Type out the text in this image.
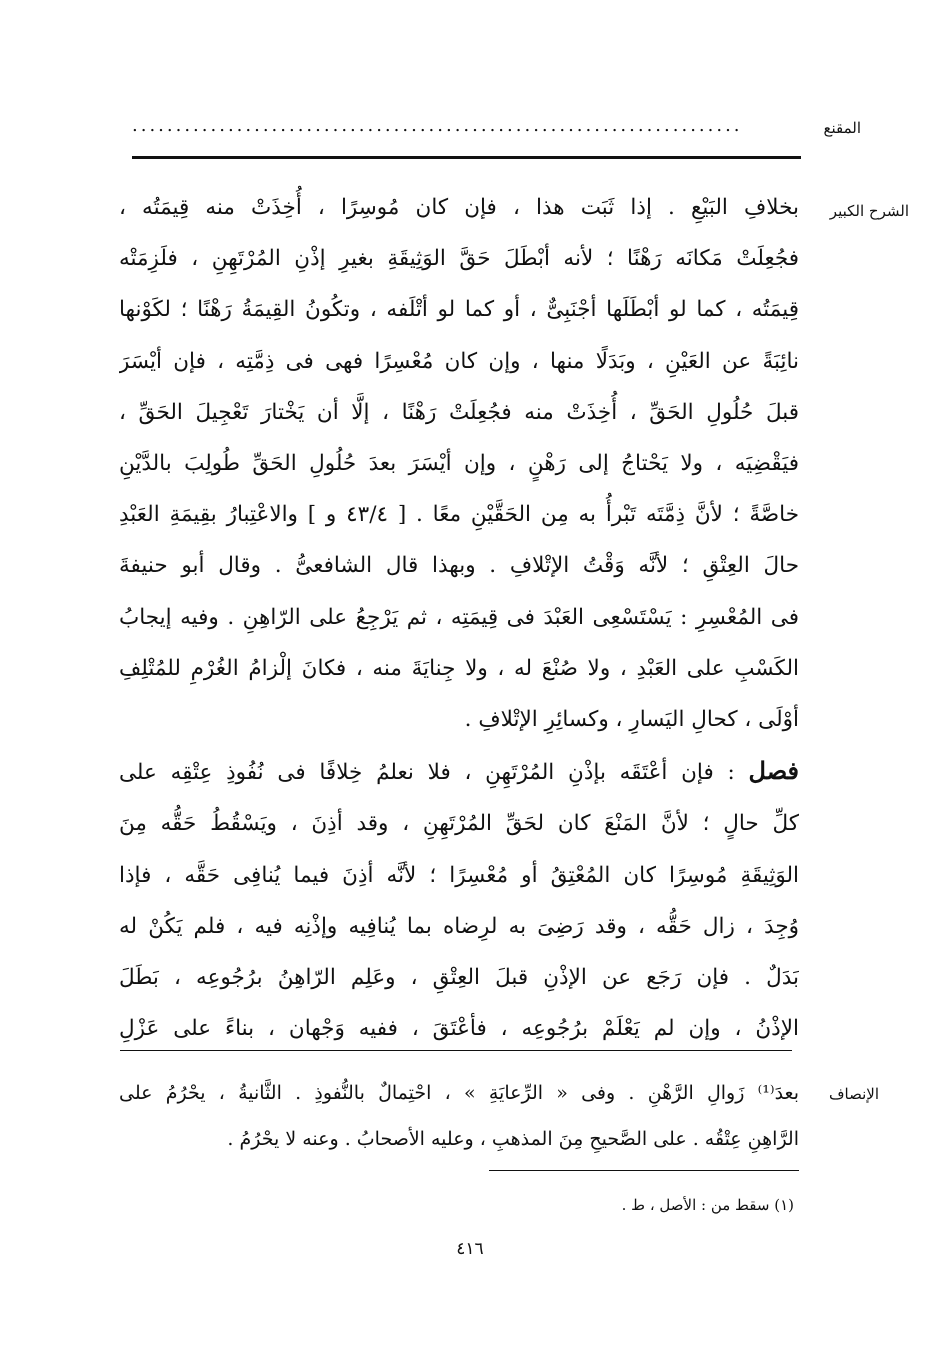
المقنع
......................................................................
الشرح الكبير
بخلافِ البَيْعِ . إذا ثَبَت هذا ، فإن كان مُوسِرًا ، أُخِذَتْ منه قِيمَتُه ،
فجُعِلَتْ مَكانَه رَهْنًا ؛ لأنه أبْطَلَ حَقَّ الوَثِيقَةِ بغيرِ إذْنِ المُرْتَهِنِ ، فلَزِمَتْه
قِيمَتُه ، كما لو أبْطَلَها أجْنَبِىٌّ ، أو كما لو أتْلَفه ، وتكُونُ القِيمَةُ رَهْنًا ؛ لكَوْنها
نائِبَةً عن العَيْنِ ، وبَدَلًا منها ، وإن كان مُعْسِرًا فهى فى ذِمَّتِه ، فإن أيْسَرَ
قبلَ حُلُولِ الحَقِّ ، أُخِذَتْ منه فجُعِلَتْ رَهْنًا ، إلَّا أن يَخْتارَ تَعْجِيلَ الحَقِّ ،
فيَقْضِيَه ، ولا يَحْتاجُ إلى رَهْنٍ ، وإن أيْسَرَ بعدَ حُلُولِ الحَقِّ طُولِبَ بالدَّيْنِ
خاصَّةً ؛ لأنَّ ذِمَّتَه تَبْرأُ به مِن الحَقَّيْنِ معًا . [ ٤٣/٤ و ] والاعْتِبارُ بقِيمَةِ العَبْدِ
حالَ العِتْقِ ؛ لأنَّه وَقْتُ الإتْلافِ . وبهذا قال الشافعىُّ . وقال أبو حنيفةَ
فى المُعْسِرِ : يَسْتَسْعِى العَبْدَ فى قِيمَتِه ، ثم يَرْجِعُ على الرّاهِنِ . وفيه إيجابُ
الكَسْبِ على العَبْدِ ، ولا صُنْعَ له ، ولا جِنايَةَ منه ، فكانَ إلْزامُ الغُرْمِ للمُتْلِفِ
أوْلَى ، كحالِ اليَسارِ ، وكسائِرِ الإتْلافِ .
فصل : فإن أعْتَقَه بإذْنِ المُرْتَهِنِ ، فلا نعلمُ خِلافًا فى نُفُوذِ عِتْقِه على
كلِّ حالٍ ؛ لأنَّ المَنْعَ كان لحَقِّ المُرْتَهِنِ ، وقد أذِنَ ، ويَسْقُطُ حَقُّه مِنَ
الوَثِيقَةِ مُوسِرًا كان المُعْتِقُ أو مُعْسِرًا ؛ لأنَّه أذِنَ فيما يُنافِى حَقَّه ، فإذا
وُجِدَ ، زال حَقُّه ، وقد رَضِىَ به لرِضاه بما يُنافِيه وإذْنِه فيه ، فلم يَكُنْ له
بَدَلٌ . فإن رَجَع عن الإذْنِ قبلَ العِتْقِ ، وعَلِم الرّاهِنُ برُجُوعِه ، بَطَلَ
الإذْنُ ، وإن لم يَعْلَمْ برُجُوعِه ، فأعْتَقَ ، ففيه وَجْهان ، بناءً على عَزْلِ
الإنصاف
بعدَ⁽¹⁾ زَوالِ الرَّهْنِ . وفى « الرِّعايَةِ » ، احْتِمالٌ بالنُّفوذِ . الثَّانيةُ ، يحْرُمُ على
الرَّاهِنِ عِتْقُه . على الصَّحيحِ مِنَ المذهبِ ، وعليه الأصحابُ . وعنه لا يحْرُمُ .
(١) سقط من : الأصل ، ط .
٤١٦
